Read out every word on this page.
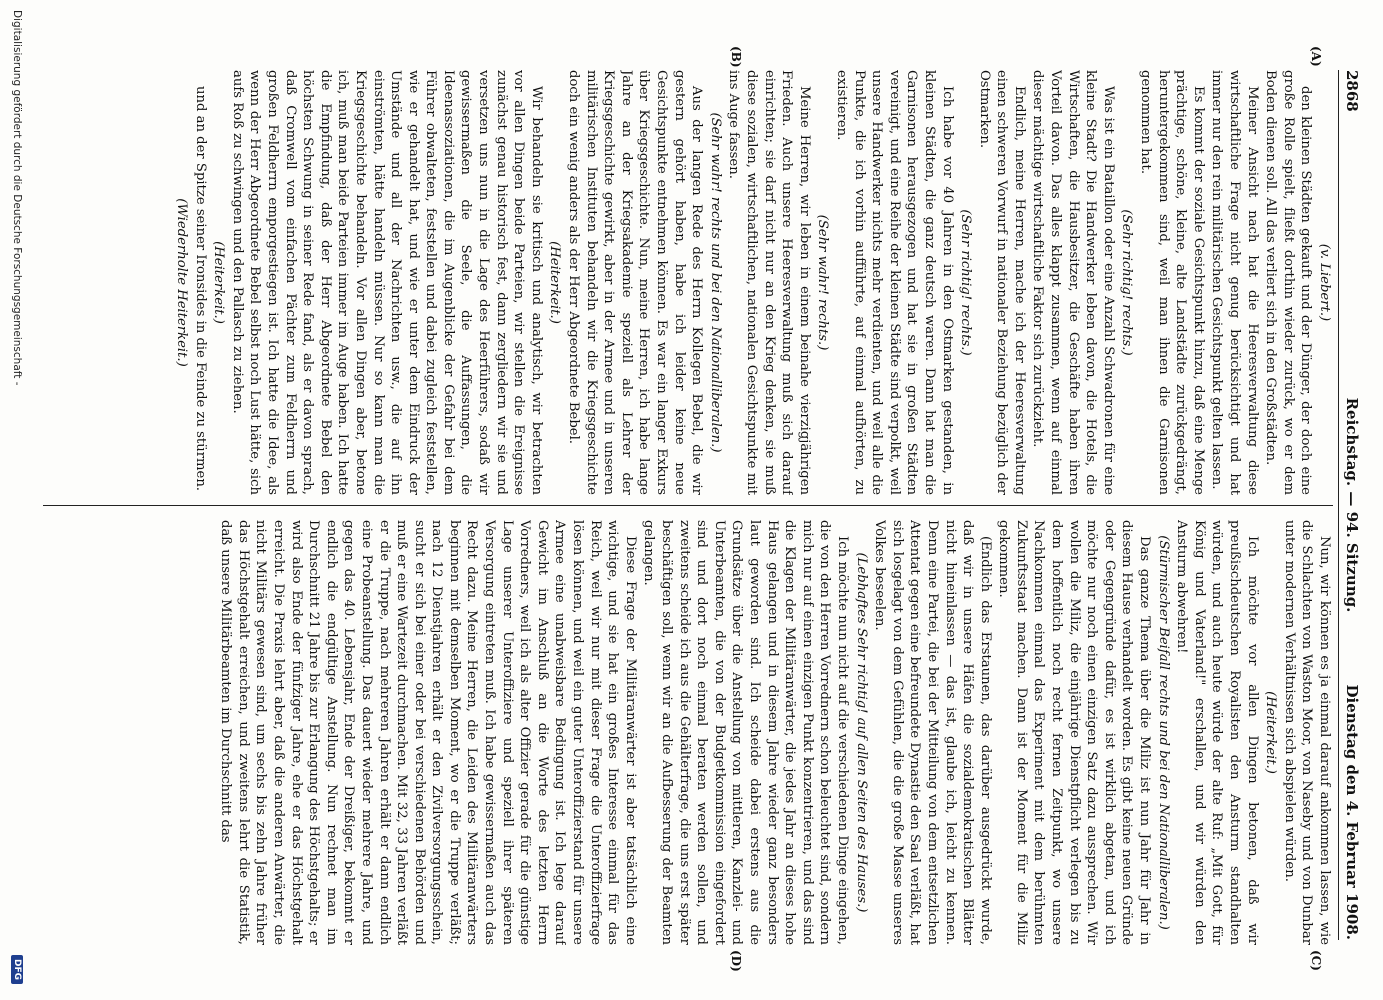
2868
Reichstag. — 94. Sitzung.
Dienstag den 4. Februar 1908.
(A)
(B)
(C)
(D)

(v. Liebert.)

den kleinen Städten gekauft und der Dünger, der doch eine große Rolle spielt, fließt dorthin wieder zurück, wo er dem Boden dienen soll. All das verliert sich in den Großstädten.

Meiner Ansicht nach hat die Heeresverwaltung diese wirtschaftliche Frage nicht genug berücksichtigt und hat immer nur den rein militärischen Gesichtspunkt gelten lassen.

Es kommt der soziale Gesichtspunkt hinzu, daß eine Menge prächtige, schöne, kleine, alte Landstädte zurückgedrängt, heruntergekommen sind, weil man ihnen die Garnisonen genommen hat.

(Sehr richtig! rechts.)

Was ist ein Bataillon oder eine Anzahl Schwadronen für eine kleine Stadt? Die Handwerker leben davon, die Hotels, die Wirtschaften, die Hausbesitzer, die Geschäfte haben ihren Vorteil davon. Das alles klappt zusammen, wenn auf einmal dieser mächtige wirtschaftliche Faktor sich zurückzieht.

Endlich, meine Herren, mache ich der Heeresverwaltung einen schweren Vorwurf in nationaler Beziehung bezüglich der Ostmarken.

(Sehr richtig! rechts.)

Ich habe vor 40 Jahren in den Ostmarken gestanden, in kleinen Städten, die ganz deutsch waren. Dann hat man die Garnisonen herausgezogen und hat sie in großen Städten vereinigt, und eine Reihe der kleinen Städte sind verpolkt, weil unsere Handwerker nichts mehr verdienten, und weil alle die Punkte, die ich vorhin aufführte, auf einmal aufhörten, zu existieren.

(Sehr wahr! rechts.)

Meine Herren, wir leben in einem beinahe vierzigjährigen Frieden. Auch unsere Heeresverwaltung muß sich darauf einrichten; sie darf nicht nur an den Krieg denken, sie muß diese sozialen, wirtschaftlichen, nationalen Gesichtspunkte mit ins Auge fassen.

(Sehr wahr! rechts und bei den Nationalliberalen.)

Aus der langen Rede des Herrn Kollegen Bebel, die wir gestern gehört haben, habe ich leider keine neue Gesichtspunkte entnehmen können. Es war ein langer Exkurs über Kriegsgeschichte. Nun, meine Herren, ich habe lange Jahre an der Kriegsakademie speziell als Lehrer der Kriegsgeschichte gewirkt, aber in der Armee und in unseren militärischen Instituten behandeln wir die Kriegsgeschichte doch ein wenig anders als der Herr Abgeordnete Bebel.

(Heiterkeit.)

Wir behandeln sie kritisch und analytisch, wir betrachten vor allen Dingen beide Parteien, wir stellen die Ereignisse zunächst genau historisch fest, dann zergliedern wir sie und versetzen uns nun in die Lage des Heerführers, sodaß wir gewissermaßen die Seele, die Auffassungen, die Ideenassoziationen, die im Augenblicke der Gefahr bei dem Führer obwalteten, feststellen und dabei zugleich feststellen, wie er gehandelt hat, und wie er unter dem Eindruck der Umstände und all der Nachrichten usw., die auf ihn einströmten, hätte handeln müssen. Nur so kann man die Kriegsgeschichte behandeln. Vor allen Dingen aber, betone ich, muß man beide Parteien immer im Auge haben. Ich hatte die Empfindung, daß der Herr Abgeordnete Bebel den höchsten Schwung in seiner Rede fand, als er davon sprach, daß Cromwell vom einfachen Pächter zum Feldherrn und großen Feldherrn emporgestiegen ist. Ich hatte die Idee, als wenn der Herr Abgeordnete Bebel selbst noch Lust hätte, sich aufs Roß zu schwingen und den Pallasch zu ziehen.

(Heiterkeit.)

und an der Spitze seiner Ironsides in die Feinde zu stürmen.

(Wiederholte Heiterkeit.)

Nun, wir können es ja einmal darauf ankommen lassen, wie die Schlachten von Waston Moor, von Naseby und von Dunbar unter modernen Verhältnissen sich abspielen würden.

(Heiterkeit.)

Ich möchte vor allen Dingen betonen, daß wir preußischdeutschen Royalisten den Ansturm standhalten würden, und auch heute würde der alte Ruf: „Mit Gott, für König und Vaterland!" erschallen, und wir würden den Ansturm abwehren!

(Stürmischer Beifall rechts und bei den Nationalliberalen.)

Das ganze Thema über die Miliz ist nun Jahr für Jahr in diesem Hause verhandelt worden. Es gibt keine neuen Gründe oder Gegengründe dafür, es ist wirklich abgetan, und ich möchte nur noch einen einzigen Satz dazu aussprechen. Wir wollen die Miliz, die einjährige Dienstpflicht verlegen bis zu dem hoffentlich noch recht fernen Zeitpunkt, wo unsere Nachkommen einmal das Experiment mit dem berühmten Zukunftsstaat machen. Dann ist der Moment für die Miliz gekommen.

(Endlich das Erstaunen, das darüber ausgedrückt wurde, daß wir in unsere Häfen die sozialdemokratischen Blätter nicht hineinlassen — das ist, glaube ich, leicht zu kennen. Denn eine Partei, die bei der Mitteilung von dem entsetzlichen Attentat gegen eine befreundete Dynastie den Saal verläßt, hat sich losgelagt von dem Gefühlen, die die große Masse unseres Volkes beseelen.

(Lebhaftes Sehr richtig! auf allen Seiten des Hauses.)

Ich möchte nun nicht auf die verschiedenen Dinge eingehen, die von den Herren Vorrednern schon beleuchtet sind, sondern mich nur auf einen einzigen Punkt konzentrieren, und das sind die Klagen der Militäranwärter, die jedes Jahr an dieses hohe Haus gelangen und in diesem Jahre wieder ganz besonders laut geworden sind. Ich scheide dabei erstens aus die Grundsätze über die Anstellung von mittleren, Kanzlei- und Unterbeamten, die von der Budgetkommission eingefordert sind und dort noch einmal beraten werden sollen, und zweitens scheide ich aus die Gehälterfrage, die uns erst später beschäftigen soll, wenn wir an die Aufbesserung der Beamten gelangen.

Diese Frage der Militäranwärter ist aber tatsächlich eine wichtige, und sie hat ein großes Interesse einmal für das Reich, weil wir nur mit dieser Frage die Unteroffizierfrage lösen können, und weil ein guter Unteroffizierstand für unsere Armee eine unabweisbare Bedingung ist. Ich lege darauf Gewicht im Anschluß an die Worte des letzten Herrn Vorredners, weil ich als alter Offizier gerade für die günstige Lage unserer Unteroffiziere und speziell ihrer späteren Versorgung eintreten muß. Ich habe gewissermaßen auch das Recht dazu. Meine Herren, die Leiden des Militäranwärters beginnen mit demselben Moment, wo er die Truppe verläßt; nach 12 Dienstjahren erhält er den Zivilversorgungsschein, sucht er sich bei einer oder bei verschiedenen Behörden und muß er eine Wartezeit durchmachen. Mit 32, 33 Jahren verläßt er die Truppe, nach mehreren Jahren erhält er dann endlich eine Probeanstellung. Das dauert wieder mehrere Jahre, und gegen das 40. Lebensjahr, Ende der Dreißiger, bekommt er endlich die endgültige Anstellung. Nun rechnet man im Durchschnitt 21 Jahre bis zur Erlangung des Höchstgehalts; er wird also Ende der fünfziger Jahre, ehe er das Höchstgehalt erreicht. Die Praxis lehrt aber, daß die anderen Anwärter, die nicht Militärs gewesen sind, um sechs bis zehn Jahre früher das Höchstgehalt erreichen, und zweitens lehrt die Statistik, daß unsere Militärbeamten im Durchschnitt das

Digitalisierung gefördert durch die Deutsche Forschungsgemeinschaft -
DFG
